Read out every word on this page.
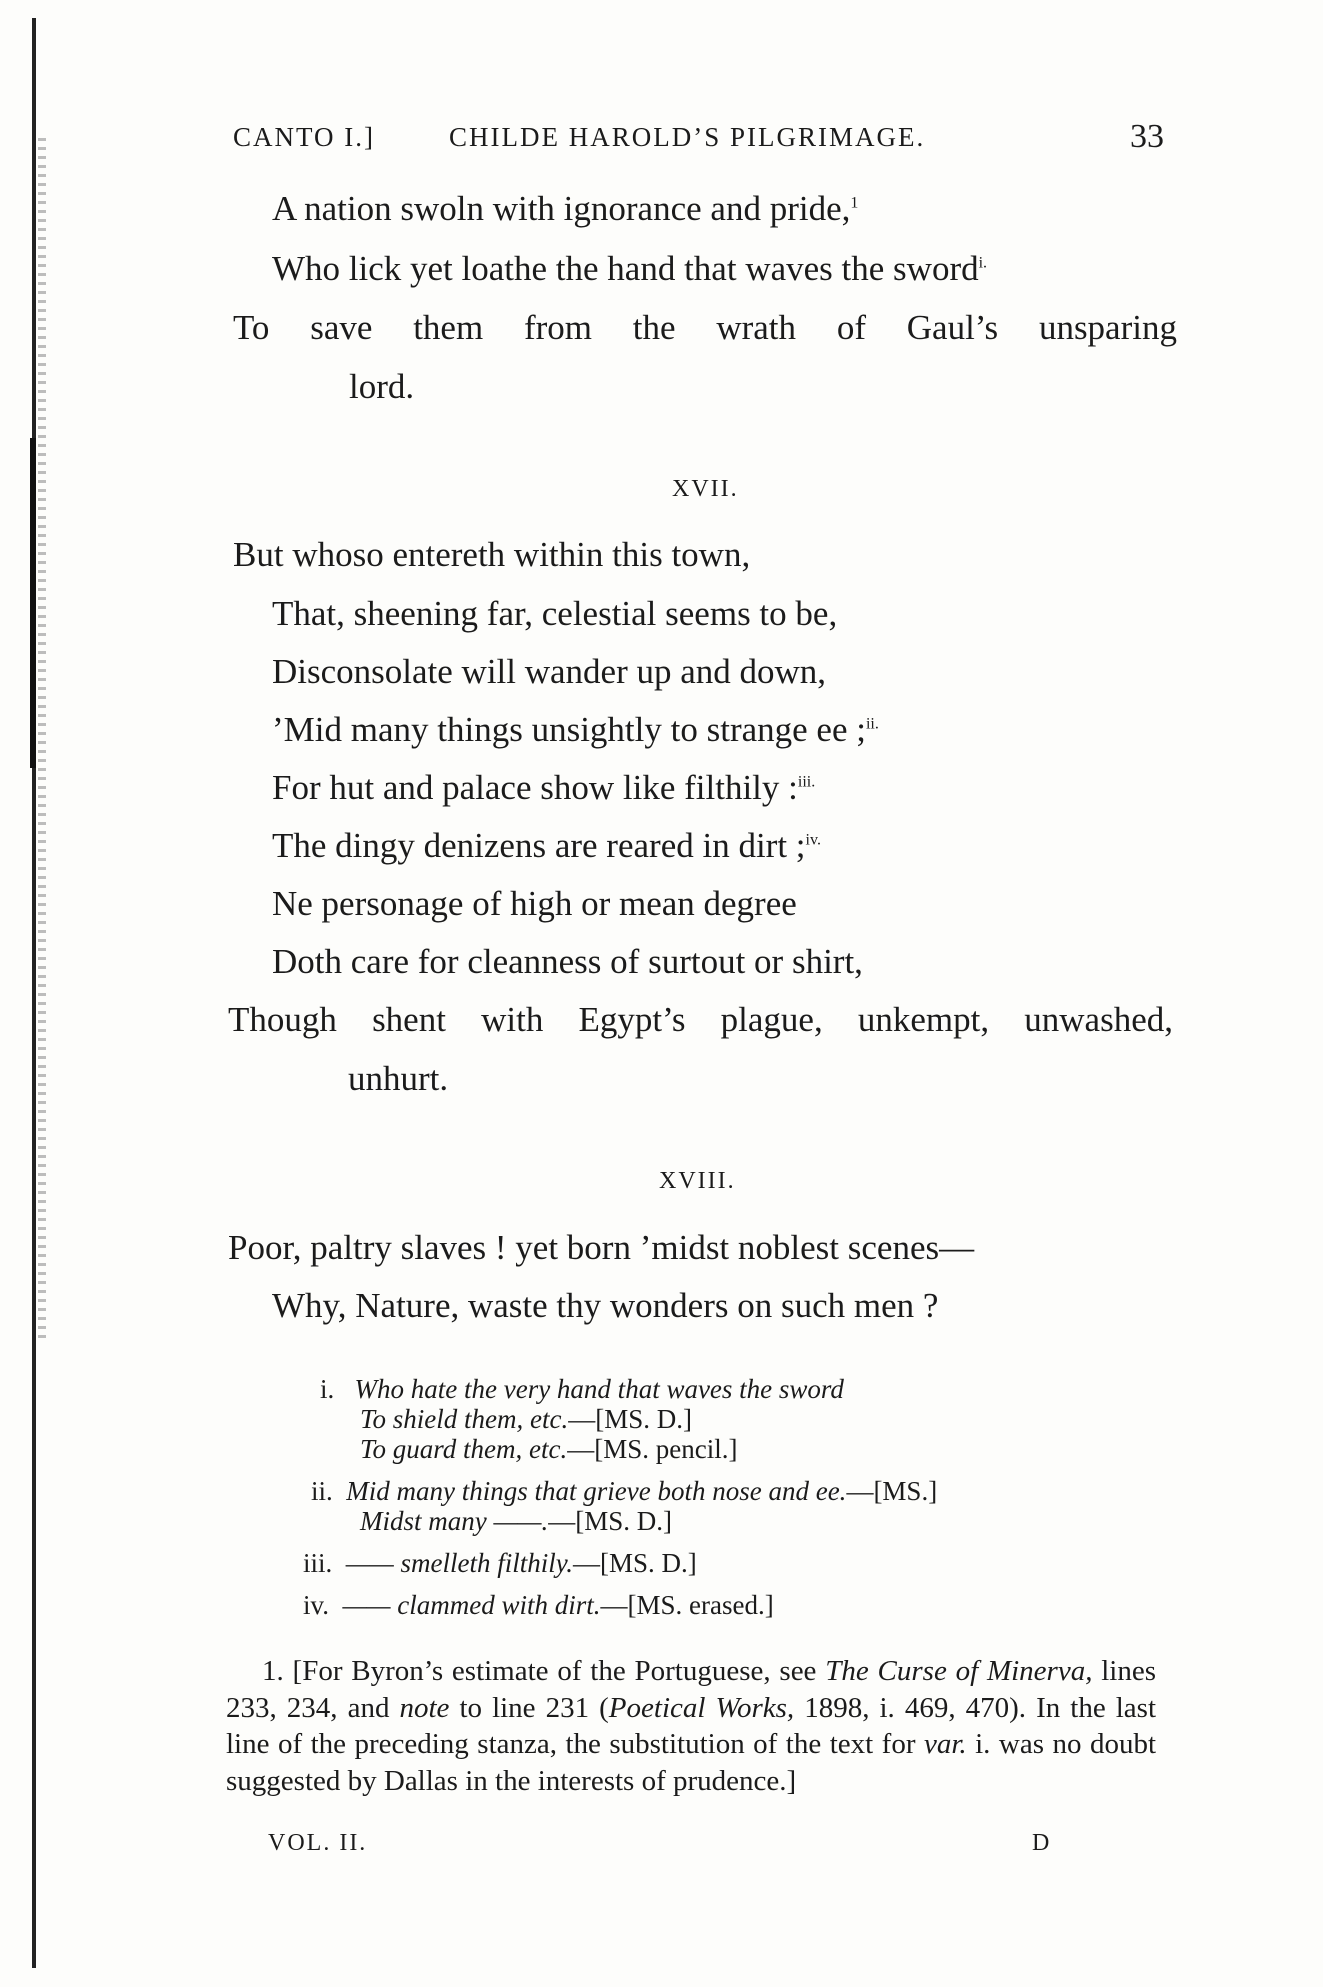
CANTO I.]	CHILDE HAROLD’S PILGRIMAGE.	33
A nation swoln with ignorance and pride,$^1$
Who lick yet loathe the hand that waves the sword$^{i.}$
To save them from the wrath of Gaul’s unsparing
lord.
XVII.
But whoso entereth within this town,
That, sheening far, celestial seems to be,
Disconsolate will wander up and down,
’Mid many things unsightly to strange ee ;$^{ii.}$
For hut and palace show like filthily :$^{iii.}$
The dingy denizens are reared in dirt ;$^{iv.}$
Ne personage of high or mean degree
Doth care for cleanness of surtout or shirt,
Though shent with Egypt’s plague, unkempt, unwashed,
unhurt.
XVIII.
Poor, paltry slaves ! yet born ’midst noblest scenes—
Why, Nature, waste thy wonders on such men ?
i. Who hate the very hand that waves the sword
To shield them, etc.—[MS. D.]
To guard them, etc.—[MS. pencil.]
ii. Mid many things that grieve both nose and ee.—[MS.]
Midst many ——.—[MS. D.]
iii. —— smelleth filthily.—[MS. D.]
iv. —— clammed with dirt.—[MS. erased.]
1. [For Byron’s estimate of the Portuguese, see The Curse of Minerva, lines 233, 234, and note to line 231 (Poetical Works, 1898, i. 469, 470). In the last line of the preceding stanza, the substitution of the text for var. i. was no doubt suggested by Dallas in the interests of prudence.]
VOL. II.	D
